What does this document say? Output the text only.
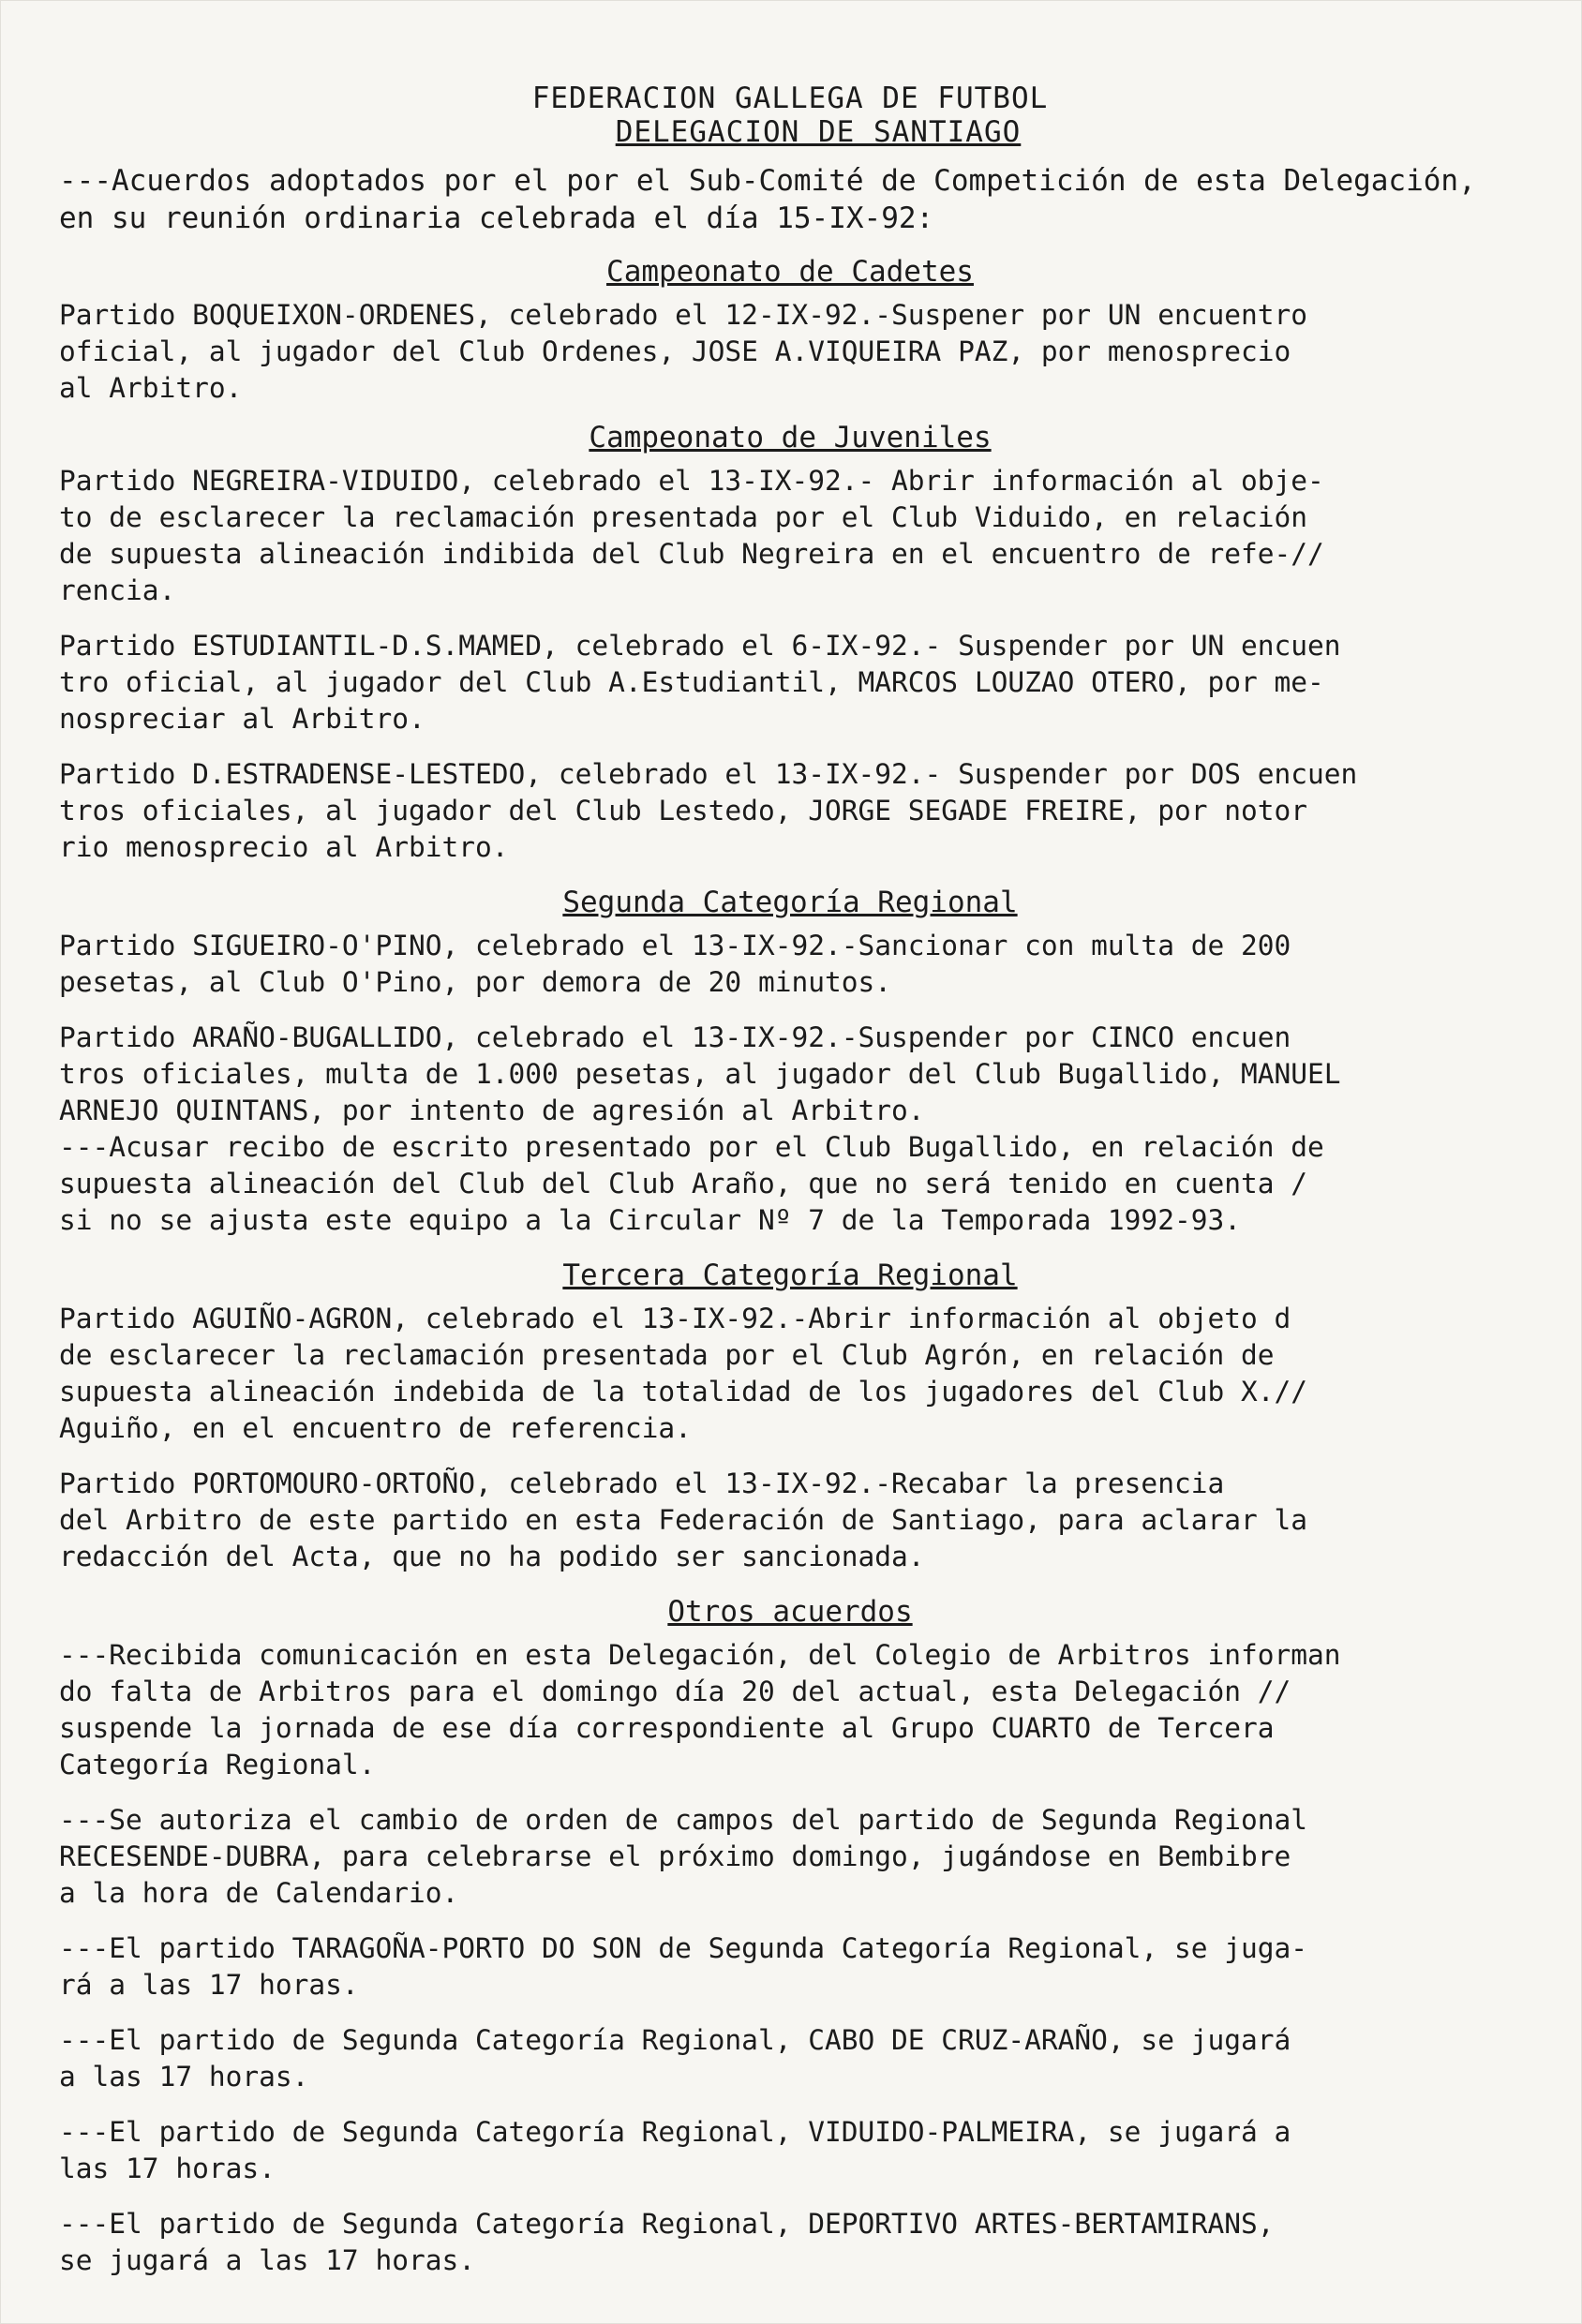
FEDERACION GALLEGA DE FUTBOL
DELEGACION DE SANTIAGO
---Acuerdos adoptados por el por el Sub-Comité de Competición de esta Delegación, en su reunión ordinaria celebrada el día 15-IX-92:
Campeonato de Cadetes
Partido BOQUEIXON-ORDENES, celebrado el 12-IX-92.-Suspener por UN encuentro
oficial, al jugador del Club Ordenes, JOSE A.VIQUEIRA PAZ, por menosprecio
al Arbitro.
Campeonato de Juveniles
Partido NEGREIRA-VIDUIDO, celebrado el 13-IX-92.- Abrir información al obje-
to de esclarecer la reclamación presentada por el Club Viduido, en relación
de supuesta alineación indibida del Club Negreira en el encuentro de refe-//
rencia.
Partido ESTUDIANTIL-D.S.MAMED, celebrado el 6-IX-92.- Suspender por UN encuen
tro oficial, al jugador del Club A.Estudiantil, MARCOS LOUZAO OTERO, por me-
nospreciar al Arbitro.
Partido D.ESTRADENSE-LESTEDO, celebrado el 13-IX-92.- Suspender por DOS encuen
tros oficiales, al jugador del Club Lestedo, JORGE SEGADE FREIRE, por notor
rio menosprecio al Arbitro.
Segunda Categoría Regional
Partido SIGUEIRO-O'PINO, celebrado el 13-IX-92.-Sancionar con multa de 200
pesetas, al Club O'Pino, por demora de 20 minutos.
Partido ARAÑO-BUGALLIDO, celebrado el 13-IX-92.-Suspender por CINCO encuen
tros oficiales, multa de 1.000 pesetas, al jugador del Club Bugallido, MANUEL
ARNEJO QUINTANS, por intento de agresión al Arbitro.
---Acusar recibo de escrito presentado por el Club Bugallido, en relación de
supuesta alineación del Club del Club Araño, que no será tenido en cuenta /
si no se ajusta este equipo a la Circular Nº 7 de la Temporada 1992-93.
Tercera Categoría Regional
Partido AGUIÑO-AGRON, celebrado el 13-IX-92.-Abrir información al objeto d
de esclarecer la reclamación presentada por el Club Agrón, en relación de
supuesta alineación indebida de la totalidad de los jugadores del Club X.//
Aguiño, en el encuentro de referencia.
Partido PORTOMOURO-ORTOÑO, celebrado el 13-IX-92.-Recabar la presencia
del Arbitro de este partido en esta Federación de Santiago, para aclarar la
redacción del Acta, que no ha podido ser sancionada.
Otros acuerdos
---Recibida comunicación en esta Delegación, del Colegio de Arbitros informan
do falta de Arbitros para el domingo día 20 del actual, esta Delegación //
suspende la jornada de ese día correspondiente al Grupo CUARTO de Tercera
Categoría Regional.
---Se autoriza el cambio de orden de campos del partido de Segunda Regional
RECESENDE-DUBRA, para celebrarse el próximo domingo, jugándose en Bembibre
a la hora de Calendario.
---El partido TARAGOÑA-PORTO DO SON de Segunda Categoría Regional, se juga-
rá a las 17 horas.
---El partido de Segunda Categoría Regional, CABO DE CRUZ-ARAÑO, se jugará
a las 17 horas.
---El partido de Segunda Categoría Regional, VIDUIDO-PALMEIRA, se jugará a
las 17 horas.
---El partido de Segunda Categoría Regional, DEPORTIVO ARTES-BERTAMIRANS,
se jugará a las 17 horas.
